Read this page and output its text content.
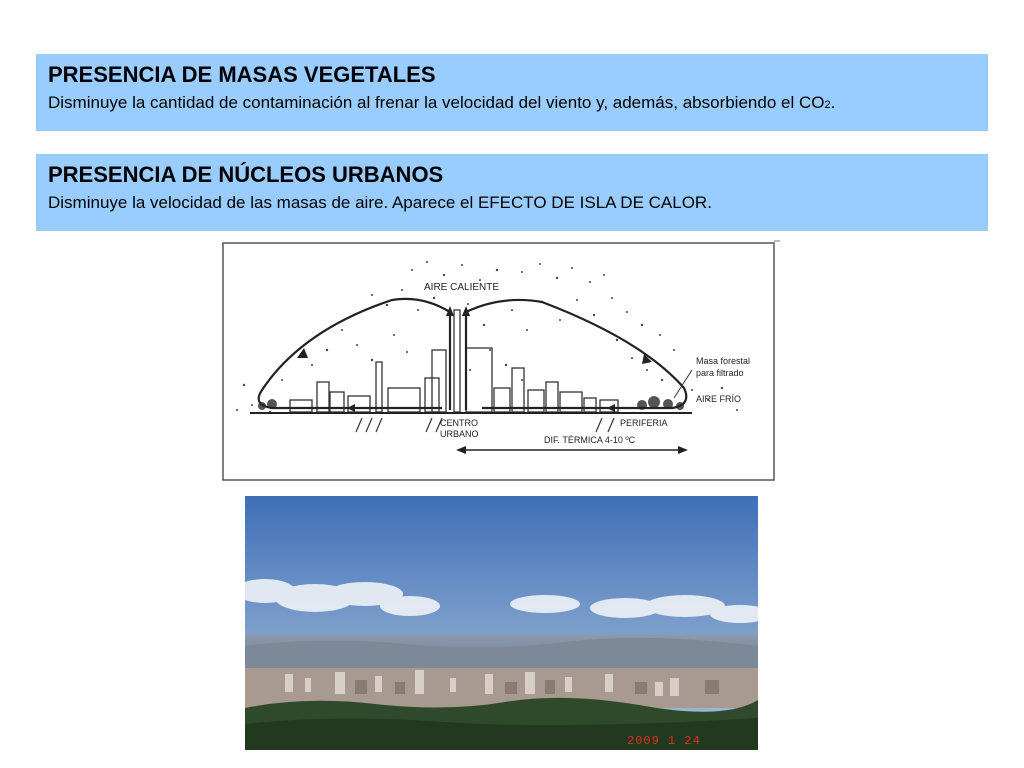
PRESENCIA DE MASAS VEGETALES

Disminuye la cantidad de contaminación al frenar la velocidad del viento y, además, absorbiendo el CO2.

PRESENCIA DE NÚCLEOS URBANOS

Disminuye la velocidad de las masas de aire. Aparece el EFECTO DE ISLA DE CALOR.

AIRE CALIENTE
Masa forestal
para filtrado
AIRE FRÍO
CENTRO
URBANO
PERIFERIA
DIF. TÉRMICA 4-10 ºC
2009 1 24
